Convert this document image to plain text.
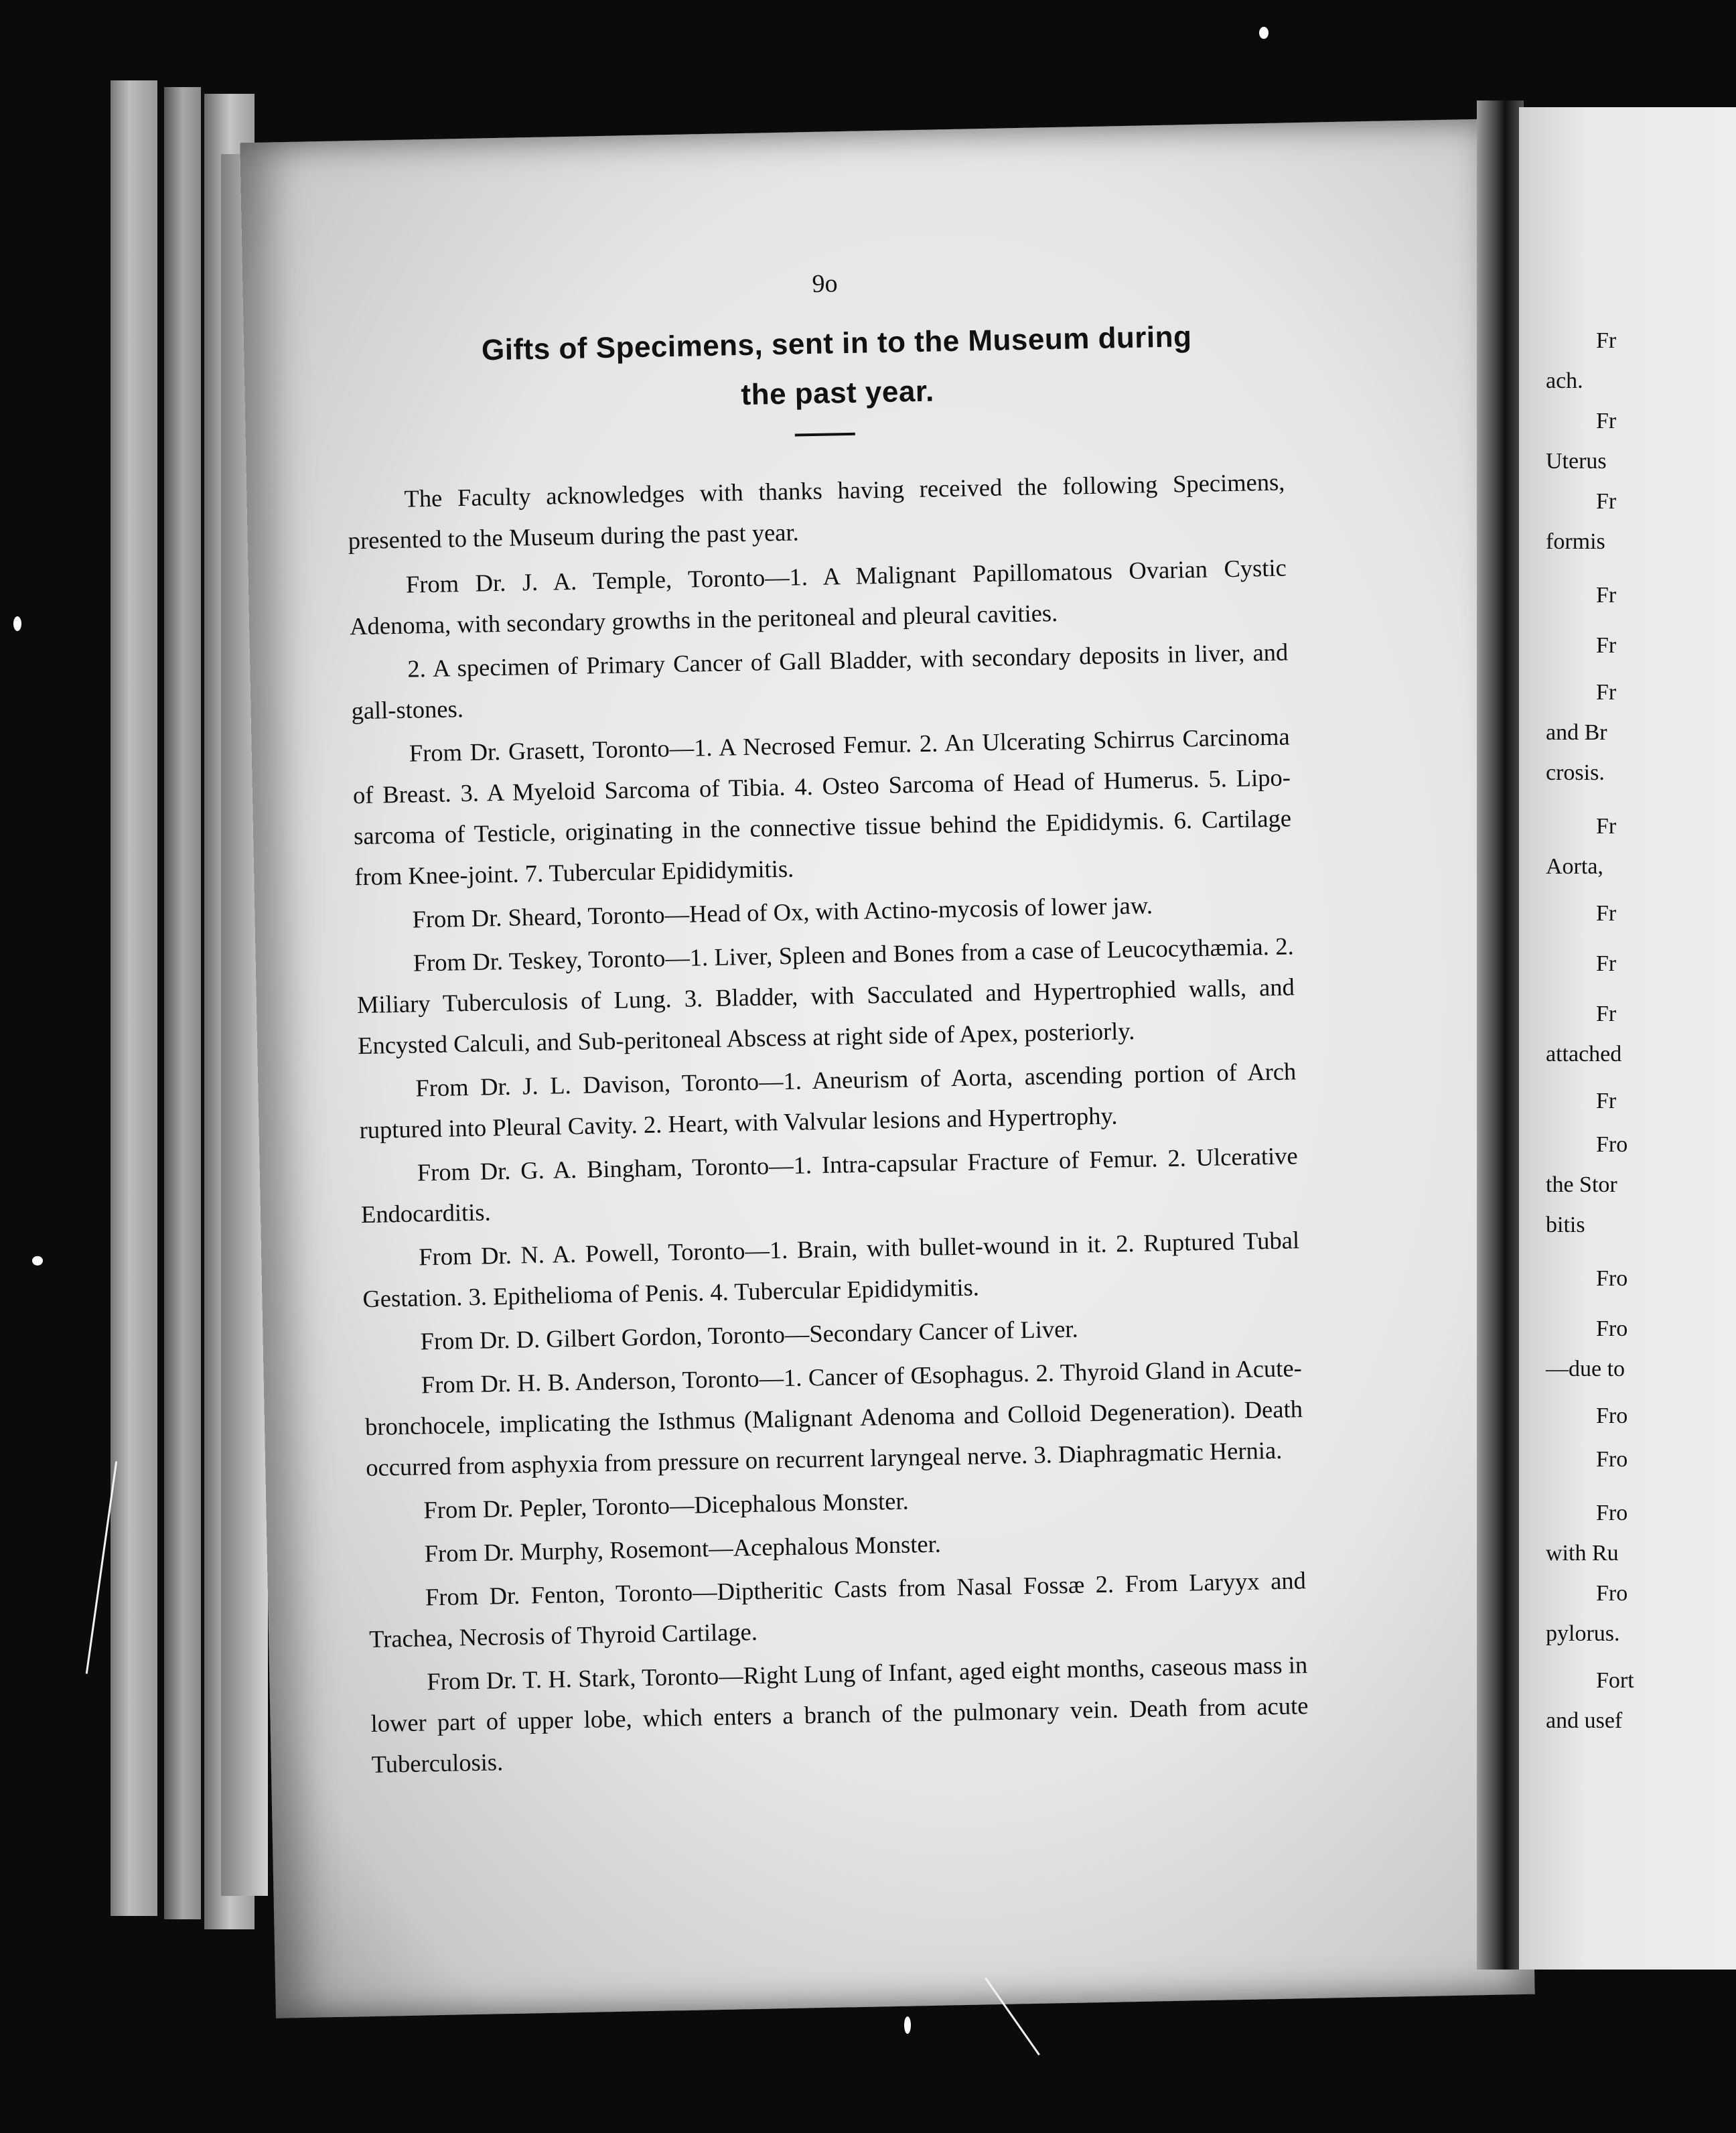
9o
Gifts of Specimens, sent in to the Museum during
the past year.

The Faculty acknowledges with thanks having received the following Specimens, presented to the Museum during the past year.

From Dr. J. A. Temple, Toronto—1. A Malignant Papillomatous Ovarian Cystic Adenoma, with secondary growths in the peritoneal and pleural cavities.

2. A specimen of Primary Cancer of Gall Bladder, with secondary deposits in liver, and gall-stones.

From Dr. Grasett, Toronto—1. A Necrosed Femur. 2. An Ulcerating Schirrus Carcinoma of Breast. 3. A Myeloid Sarcoma of Tibia. 4. Osteo Sarcoma of Head of Humerus. 5. Lipo-sarcoma of Testicle, originating in the connective tissue behind the Epididymis. 6. Cartilage from Knee-joint. 7. Tubercular Epididymitis.

From Dr. Sheard, Toronto—Head of Ox, with Actino-mycosis of lower jaw.

From Dr. Teskey, Toronto—1. Liver, Spleen and Bones from a case of Leucocythæmia. 2. Miliary Tuberculosis of Lung. 3. Bladder, with Sacculated and Hypertrophied walls, and Encysted Calculi, and Sub-peritoneal Abscess at right side of Apex, posteriorly.

From Dr. J. L. Davison, Toronto—1. Aneurism of Aorta, ascending portion of Arch ruptured into Pleural Cavity. 2. Heart, with Valvular lesions and Hypertrophy.

From Dr. G. A. Bingham, Toronto—1. Intra-capsular Fracture of Femur. 2. Ulcerative Endocarditis.

From Dr. N. A. Powell, Toronto—1. Brain, with bullet-wound in it. 2. Ruptured Tubal Gestation. 3. Epithelioma of Penis. 4. Tubercular Epididymitis.

From Dr. D. Gilbert Gordon, Toronto—Secondary Cancer of Liver.

From Dr. H. B. Anderson, Toronto—1. Cancer of Œsophagus. 2. Thyroid Gland in Acute-bronchocele, implicating the Isthmus (Malignant Adenoma and Colloid Degeneration). Death occurred from asphyxia from pressure on recurrent laryngeal nerve. 3. Diaphragmatic Hernia.

From Dr. Pepler, Toronto—Dicephalous Monster.

From Dr. Murphy, Rosemont—Acephalous Monster.

From Dr. Fenton, Toronto—Diptheritic Casts from Nasal Fossæ 2. From Laryyx and Trachea, Necrosis of Thyroid Cartilage.

From Dr. T. H. Stark, Toronto—Right Lung of Infant, aged eight months, caseous mass in lower part of upper lobe, which enters a branch of the pulmonary vein. Death from acute Tuberculosis.

Fr
ach.
Fr
Uterus
Fr
formis
Fr
Fr
Fr
and Br
crosis.
Fr
Aorta,
Fr
Fr
Fr
attached
Fr
Fro
the Stor
bitis
Fro
Fro
—due to
Fro
Fro
Fro
with Ru
Fro
pylorus.
Fort
and usef
